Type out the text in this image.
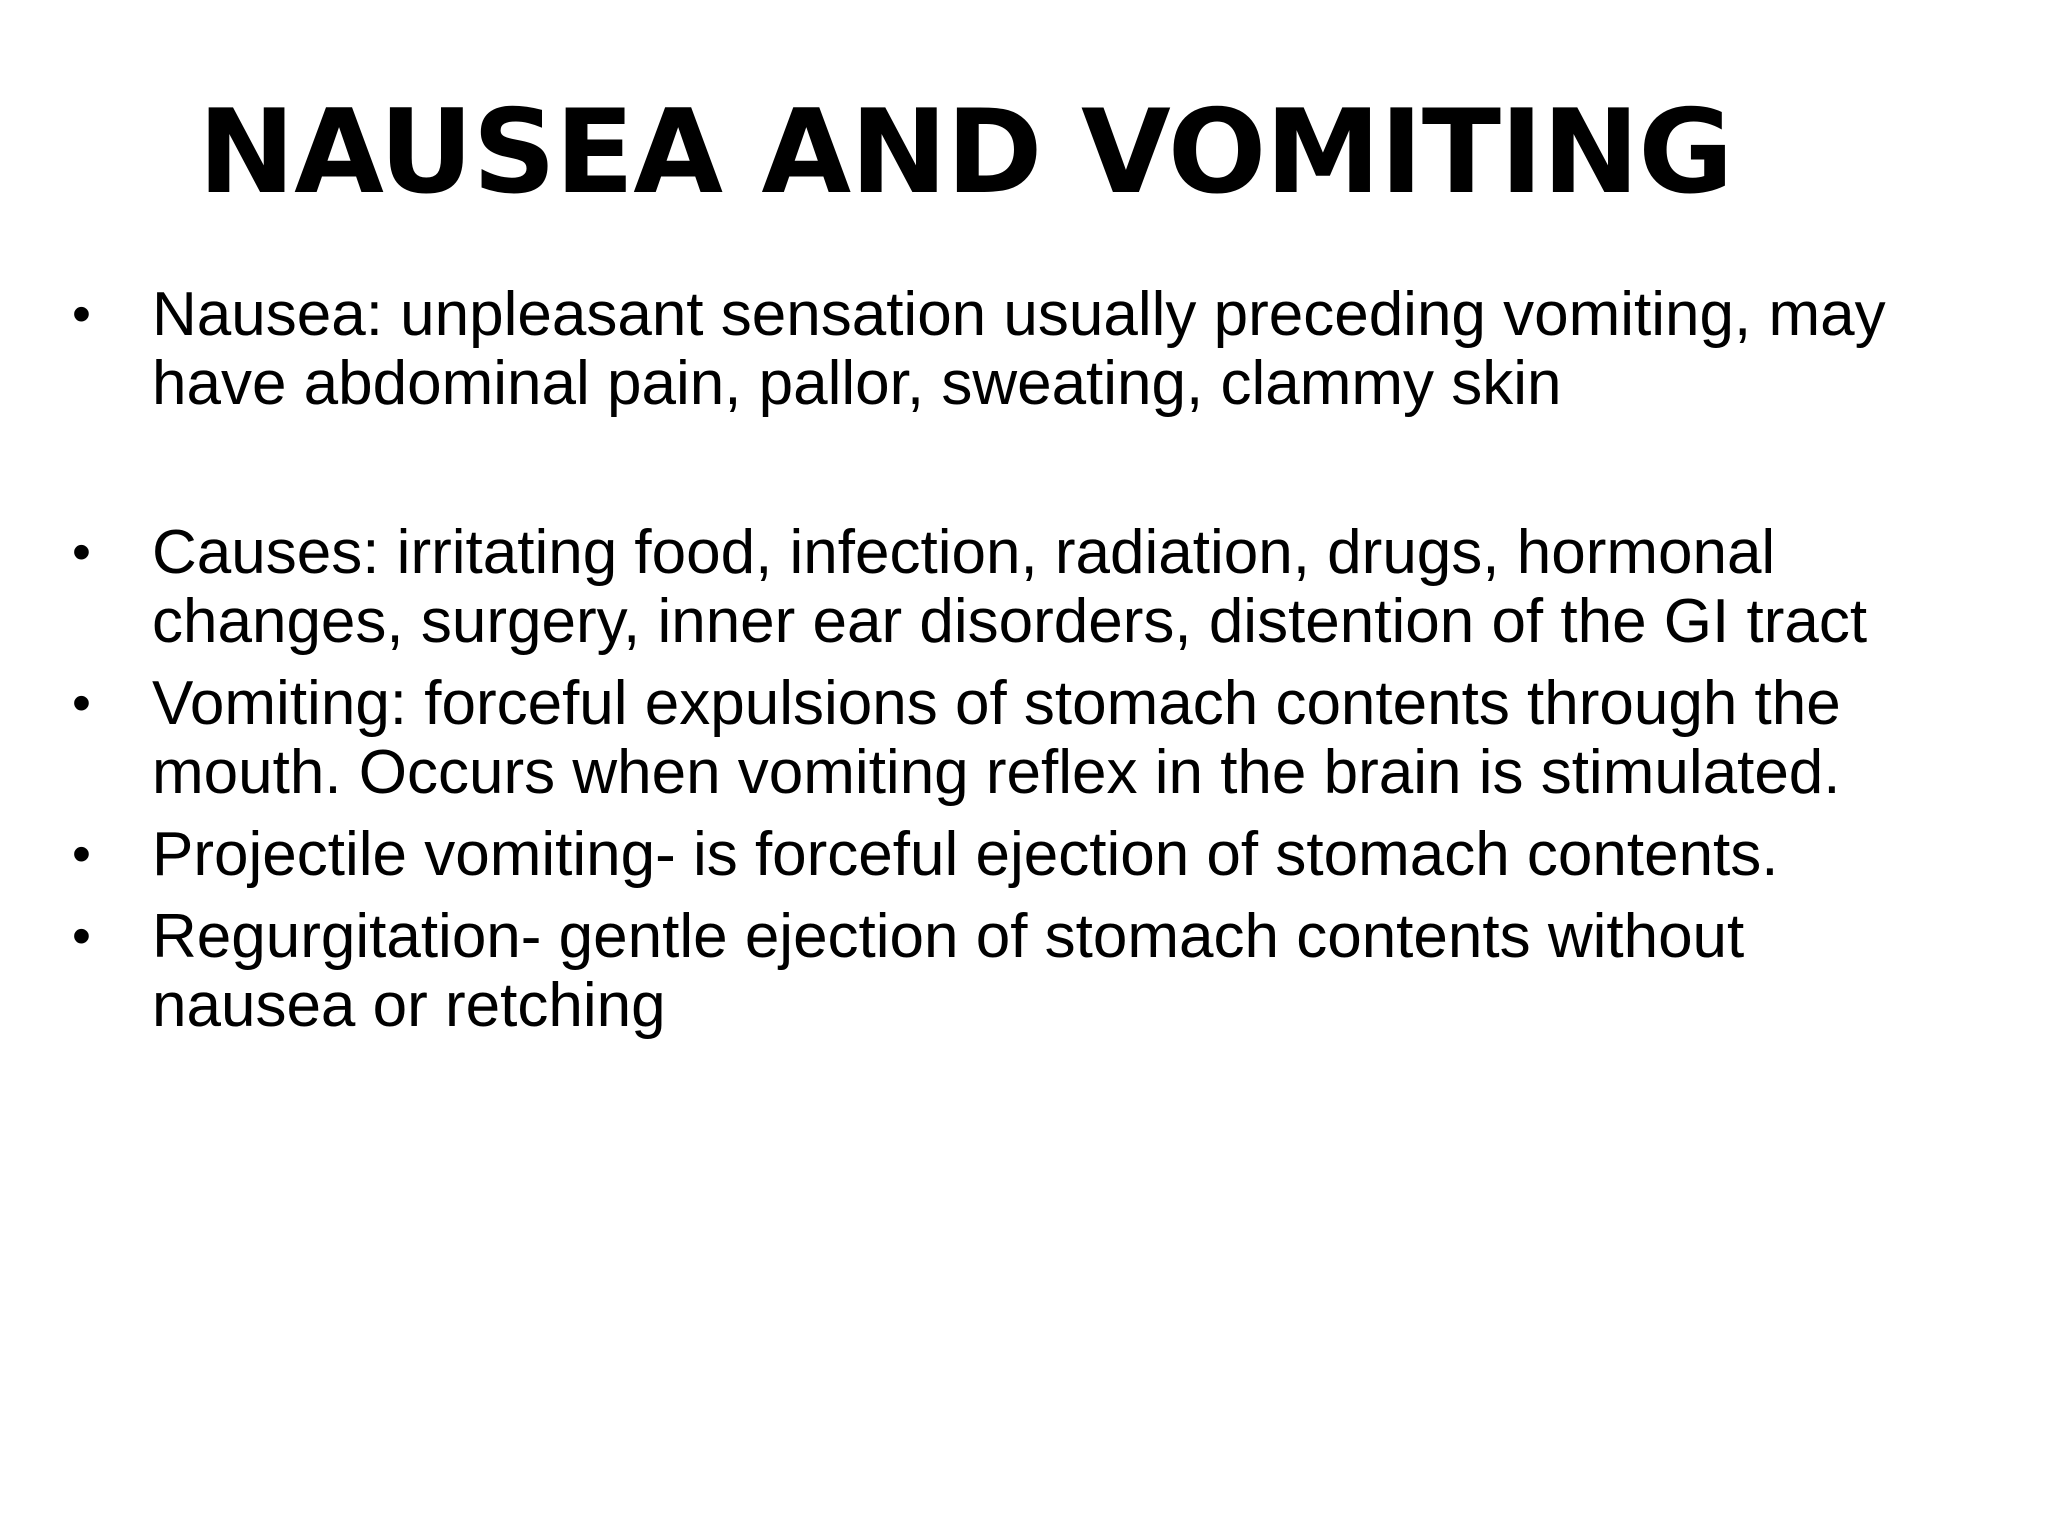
NAUSEA AND VOMITING
• Nausea: unpleasant sensation usually preceding vomiting, may have abdominal pain, pallor, sweating, clammy skin
• Causes: irritating food, infection, radiation, drugs, hormonal changes, surgery, inner ear disorders, distention of the GI tract
• Vomiting: forceful expulsions of stomach contents through the mouth. Occurs when vomiting reflex in the brain is stimulated.
• Projectile vomiting- is forceful ejection of stomach contents.
• Regurgitation- gentle ejection of stomach contents without nausea or retching
